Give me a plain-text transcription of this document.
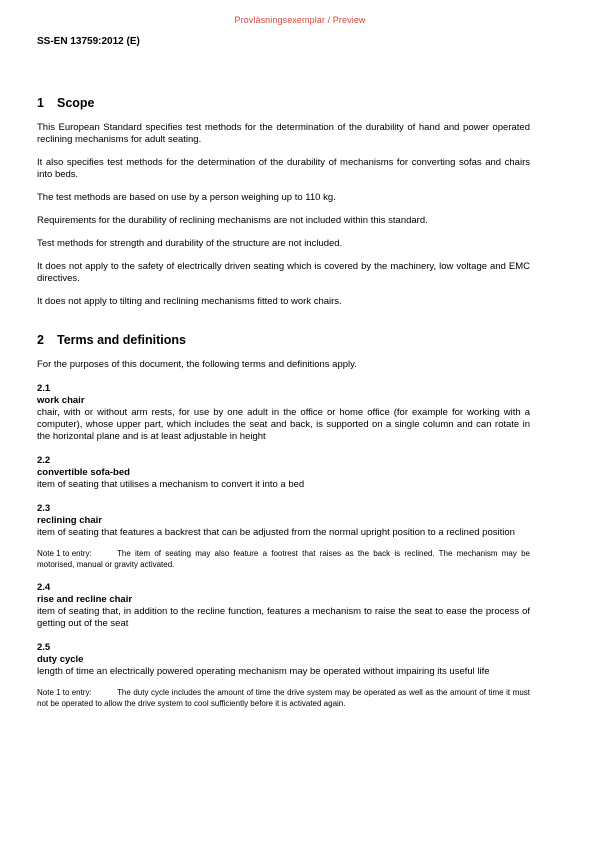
Provläsningsexemplar / Preview
SS-EN 13759:2012 (E)
1	Scope

This European Standard specifies test methods for the determination of the durability of hand and power operated reclining mechanisms for adult seating.

It also specifies test methods for the determination of the durability of mechanisms for converting sofas and chairs into beds.

The test methods are based on use by a person weighing up to 110 kg.

Requirements for the durability of reclining mechanisms are not included within this standard.

Test methods for strength and durability of the structure are not included.

It does not apply to the safety of electrically driven seating which is covered by the machinery, low voltage and EMC directives.

It does not apply to tilting and reclining mechanisms fitted to work chairs.

2	Terms and definitions

For the purposes of this document, the following terms and definitions apply.

2.1
work chair

chair, with or without arm rests, for use by one adult in the office or home office (for example for working with a computer), whose upper part, which includes the seat and back, is supported on a single column and can rotate in the horizontal plane and is at least adjustable in height

2.2
convertible sofa-bed

item of seating that utilises a mechanism to convert it into a bed

2.3
reclining chair

item of seating that features a backrest that can be adjusted from the normal upright position to a reclined position

Note 1 to entry:	The item of seating may also feature a footrest that raises as the back is reclined. The mechanism may be motorised, manual or gravity activated.

2.4
rise and recline chair

item of seating that, in addition to the recline function, features a mechanism to raise the seat to ease the process of getting out of the seat

2.5
duty cycle

length of time an electrically powered operating mechanism may be operated without impairing its useful life

Note 1 to entry:	The duty cycle includes the amount of time the drive system may be operated as well as the amount of time it must not be operated to allow the drive system to cool sufficiently before it is activated again.
